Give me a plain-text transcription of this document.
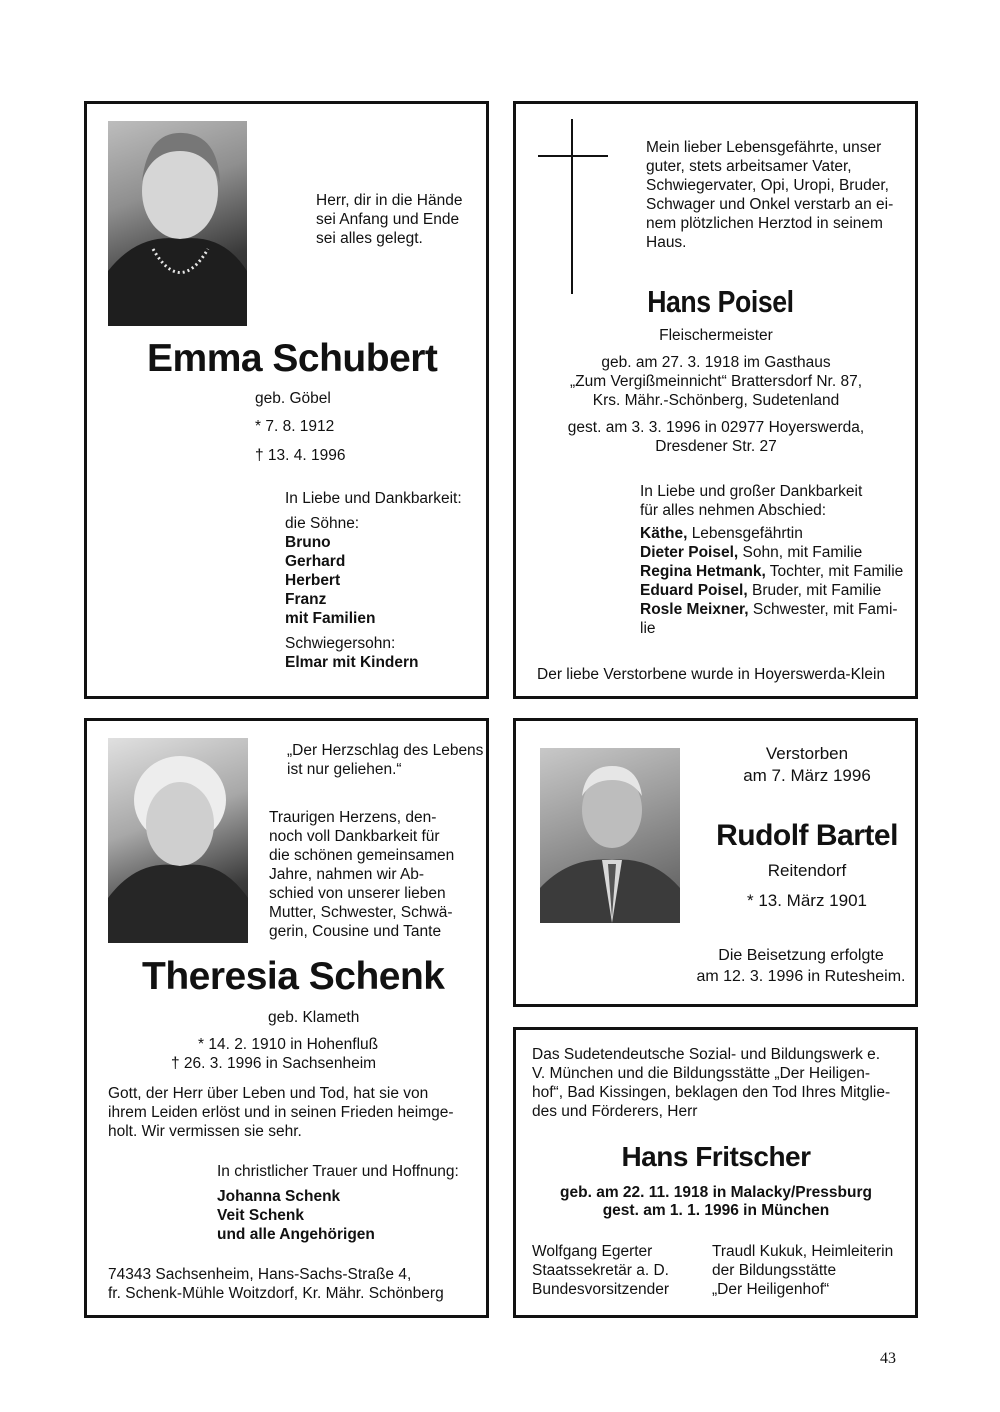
Herr, dir in die Hände
sei Anfang und Ende
sei alles gelegt.
Emma Schubert
geb. Göbel
* 7. 8. 1912
† 13. 4. 1996
In Liebe und Dankbarkeit:
die Söhne:
Bruno
Gerhard
Herbert
Franz
mit Familien
Schwiegersohn:
Elmar mit Kindern
Mein lieber Lebensgefährte, unser
guter, stets arbeitsamer Vater,
Schwiegervater, Opi, Uropi, Bruder,
Schwager und Onkel verstarb an ei-
nem plötzlichen Herztod in seinem
Haus.
Hans Poisel
Fleischermeister
geb. am 27. 3. 1918 im Gasthaus
„Zum Vergißmeinnicht“ Brattersdorf Nr. 87,
Krs. Mähr.-Schönberg, Sudetenland
gest. am 3. 3. 1996 in 02977 Hoyerswerda,
Dresdener Str. 27
In Liebe und großer Dankbarkeit
für alles nehmen Abschied:
Käthe, Lebensgefährtin
Dieter Poisel, Sohn, mit Familie
Regina Hetmank, Tochter, mit Familie
Eduard Poisel, Bruder, mit Familie
Rosle Meixner, Schwester, mit Fami-
lie
Der liebe Verstorbene wurde in Hoyerswerda-Klein
„Der Herzschlag des Lebens
ist nur geliehen.“
Traurigen Herzens, den-
noch voll Dankbarkeit für
die schönen gemeinsamen
Jahre, nahmen wir Ab-
schied von unserer lieben
Mutter, Schwester, Schwä-
gerin, Cousine und Tante
Theresia Schenk
geb. Klameth
* 14. 2. 1910 in Hohenfluß
† 26. 3. 1996 in Sachsenheim
Gott, der Herr über Leben und Tod, hat sie von
ihrem Leiden erlöst und in seinen Frieden heimge-
holt. Wir vermissen sie sehr.
In christlicher Trauer und Hoffnung:
Johanna Schenk
Veit Schenk
und alle Angehörigen
74343 Sachsenheim, Hans-Sachs-Straße 4,
fr. Schenk-Mühle Woitzdorf, Kr. Mähr. Schönberg
Verstorben
am 7. März 1996
Rudolf Bartel
Reitendorf
* 13. März 1901
Die Beisetzung erfolgte
am 12. 3. 1996 in Rutesheim.
Das Sudetendeutsche Sozial- und Bildungswerk e.
V. München und die Bildungsstätte „Der Heiligen-
hof“, Bad Kissingen, beklagen den Tod Ihres Mitglie-
des und Förderers, Herr
Hans Fritscher
geb. am 22. 11. 1918 in Malacky/Pressburg
gest. am 1. 1. 1996 in München
Wolfgang Egerter
Staatssekretär a. D.
Bundesvorsitzender
Traudl Kukuk, Heimleiterin
der Bildungsstätte
„Der Heiligenhof“
43
